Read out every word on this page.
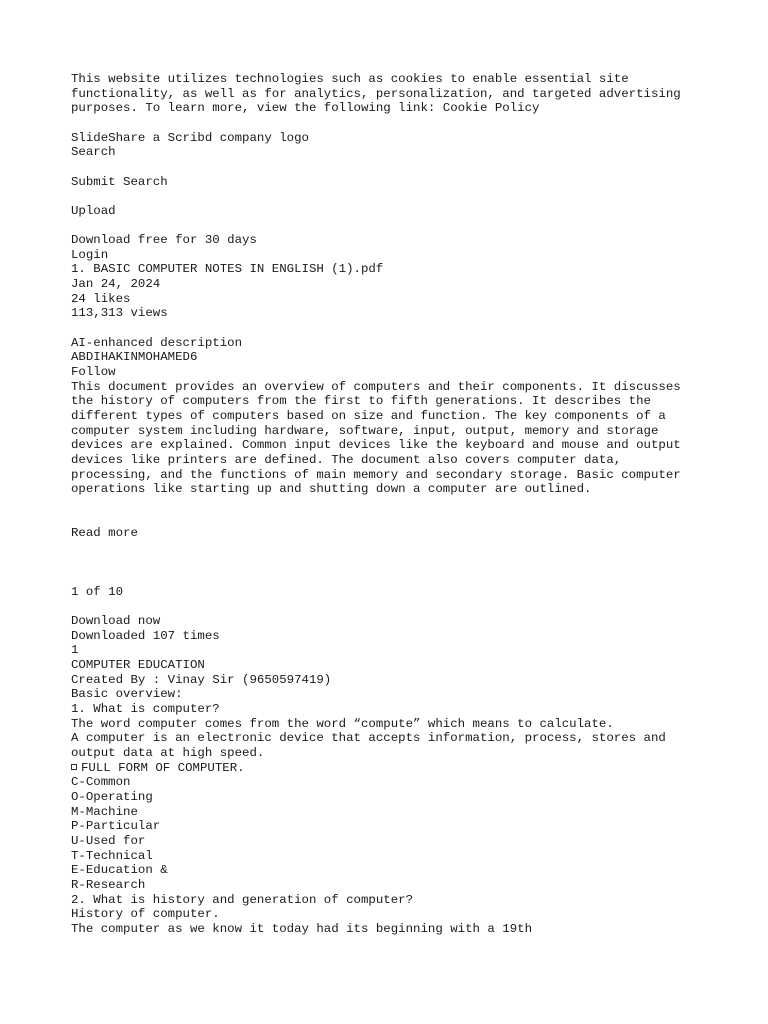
This website utilizes technologies such as cookies to enable essential site
functionality, as well as for analytics, personalization, and targeted advertising
purposes. To learn more, view the following link: Cookie Policy
SlideShare a Scribd company logo
Search
Submit Search
Upload
Download free for 30 days
Login
1. BASIC COMPUTER NOTES IN ENGLISH (1).pdf
Jan 24, 2024
24 likes
113,313 views
AI-enhanced description
ABDIHAKINMOHAMED6
Follow
This document provides an overview of computers and their components. It discusses
the history of computers from the first to fifth generations. It describes the
different types of computers based on size and function. The key components of a
computer system including hardware, software, input, output, memory and storage
devices are explained. Common input devices like the keyboard and mouse and output
devices like printers are defined. The document also covers computer data,
processing, and the functions of main memory and secondary storage. Basic computer
operations like starting up and shutting down a computer are outlined.
Read more
1 of 10
Download now
Downloaded 107 times
1
COMPUTER EDUCATION
Created By : Vinay Sir (9650597419)
Basic overview:
1. What is computer?
The word computer comes from the word “compute” which means to calculate.
A computer is an electronic device that accepts information, process, stores and
output data at high speed.
FULL FORM OF COMPUTER.
C-Common
O-Operating
M-Machine
P-Particular
U-Used for
T-Technical
E-Education &
R-Research
2. What is history and generation of computer?
History of computer.
The computer as we know it today had its beginning with a 19th
